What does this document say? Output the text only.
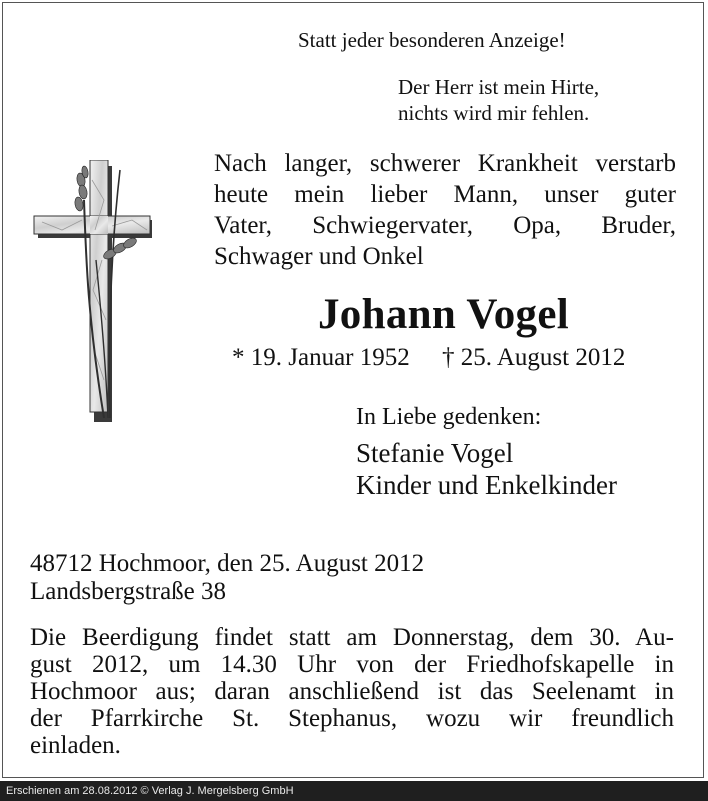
Statt jeder besonderen Anzeige!
Der Herr ist mein Hirte,
nichts wird mir fehlen.
Nach langer, schwerer Krankheit verstarb
heute mein lieber Mann, unser guter
Vater, Schwiegervater, Opa, Bruder,
Schwager und Onkel
Johann Vogel
* 19. Januar 1952 † 25. August 2012
In Liebe gedenken:
Stefanie Vogel
Kinder und Enkelkinder
48712 Hochmoor, den 25. August 2012
Landsbergstraße 38
Die Beerdigung findet statt am Donnerstag, dem 30. Au-
gust 2012, um 14.30 Uhr von der Friedhofskapelle in
Hochmoor aus; daran anschließend ist das Seelenamt in
der Pfarrkirche St. Stephanus, wozu wir freundlich
einladen.
Erschienen am 28.08.2012 © Verlag J. Mergelsberg GmbH
